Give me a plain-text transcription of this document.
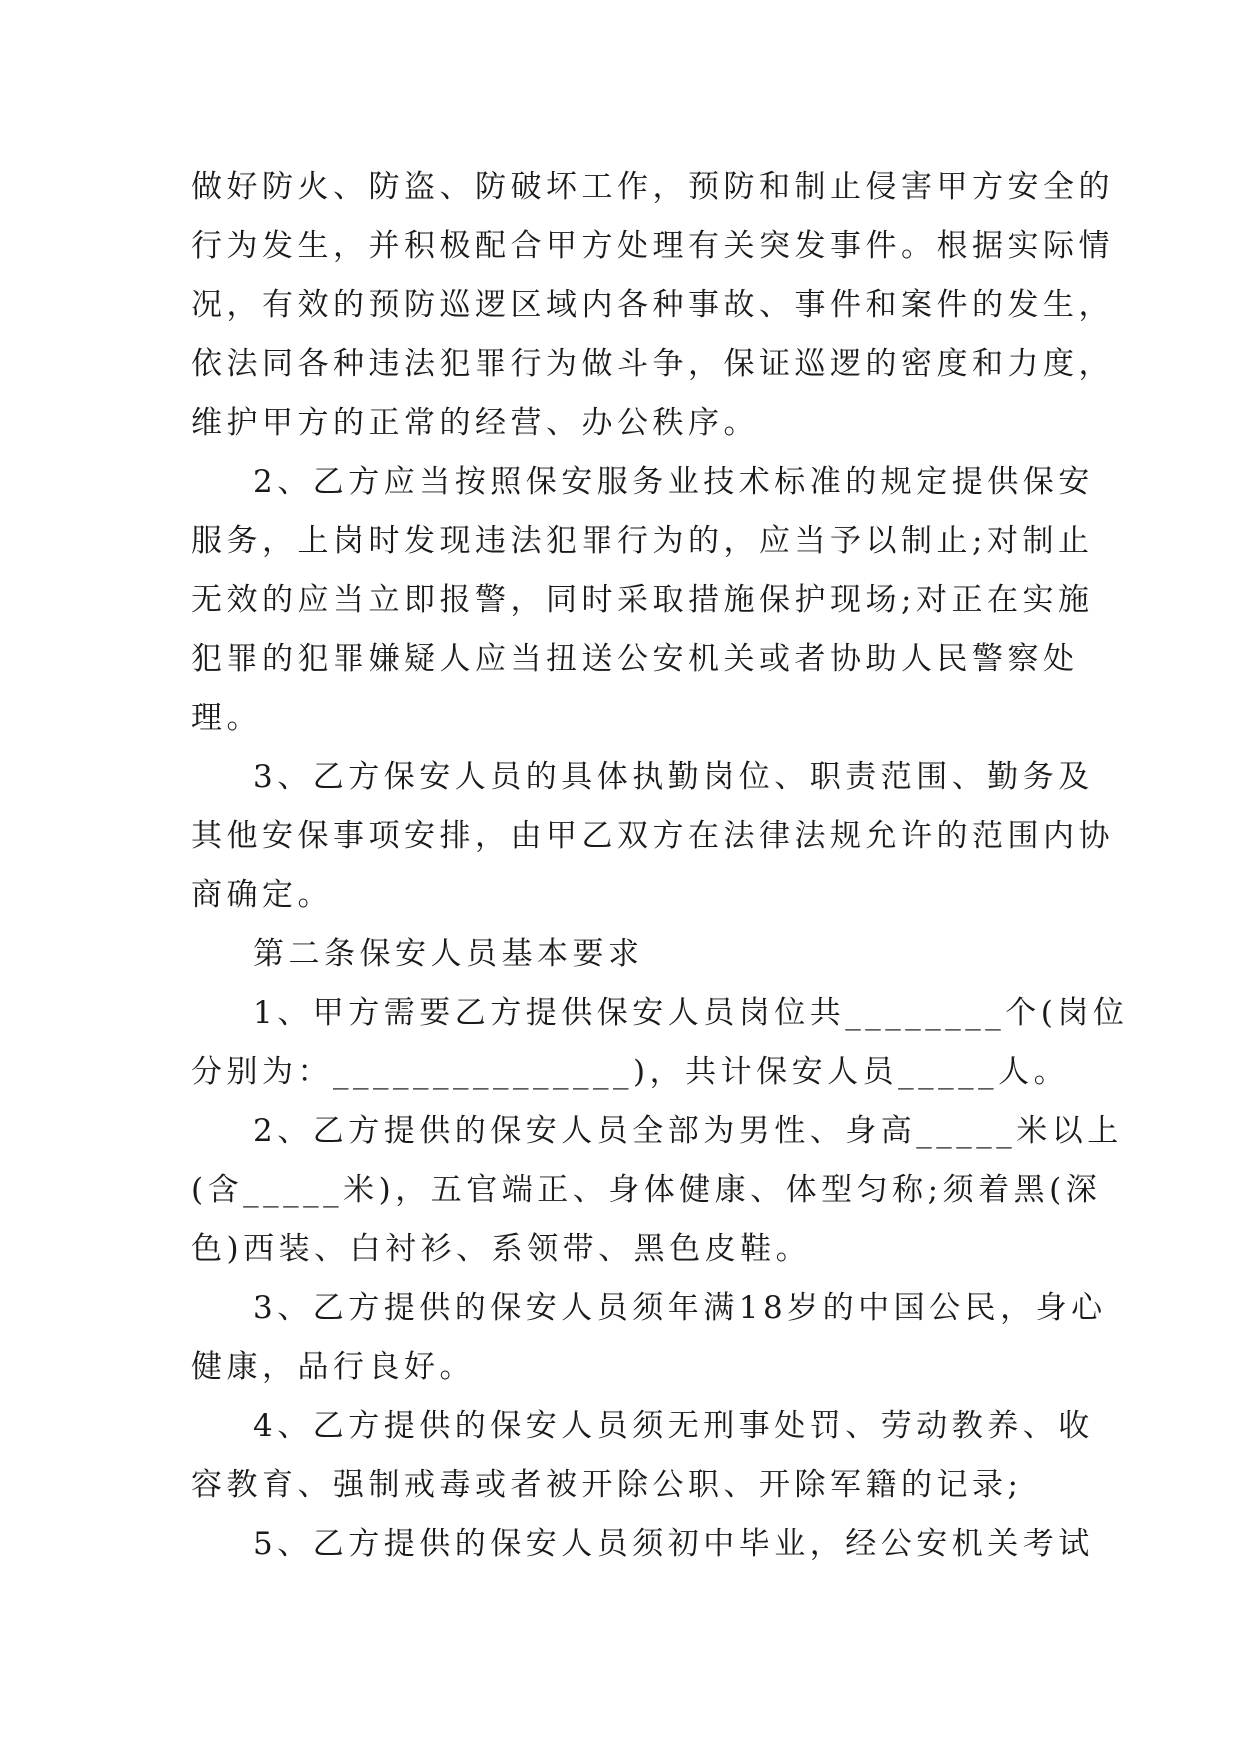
做好防火、防盗、防破坏工作，预防和制止侵害甲方安全的
行为发生，并积极配合甲方处理有关突发事件。根据实际情
况，有效的预防巡逻区域内各种事故、事件和案件的发生，
依法同各种违法犯罪行为做斗争，保证巡逻的密度和力度，
维护甲方的正常的经营、办公秩序。
2、乙方应当按照保安服务业技术标准的规定提供保安
服务，上岗时发现违法犯罪行为的，应当予以制止;对制止
无效的应当立即报警，同时采取措施保护现场;对正在实施
犯罪的犯罪嫌疑人应当扭送公安机关或者协助人民警察处
理。
3、乙方保安人员的具体执勤岗位、职责范围、勤务及
其他安保事项安排，由甲乙双方在法律法规允许的范围内协
商确定。
第二条保安人员基本要求
1、甲方需要乙方提供保安人员岗位共________个(岗位
分别为：_______________)，共计保安人员_____人。
2、乙方提供的保安人员全部为男性、身高_____米以上
(含_____米)，五官端正、身体健康、体型匀称;须着黑(深
色)西装、白衬衫、系领带、黑色皮鞋。
3、乙方提供的保安人员须年满18岁的中国公民，身心
健康，品行良好。
4、乙方提供的保安人员须无刑事处罚、劳动教养、收
容教育、强制戒毒或者被开除公职、开除军籍的记录;
5、乙方提供的保安人员须初中毕业，经公安机关考试
